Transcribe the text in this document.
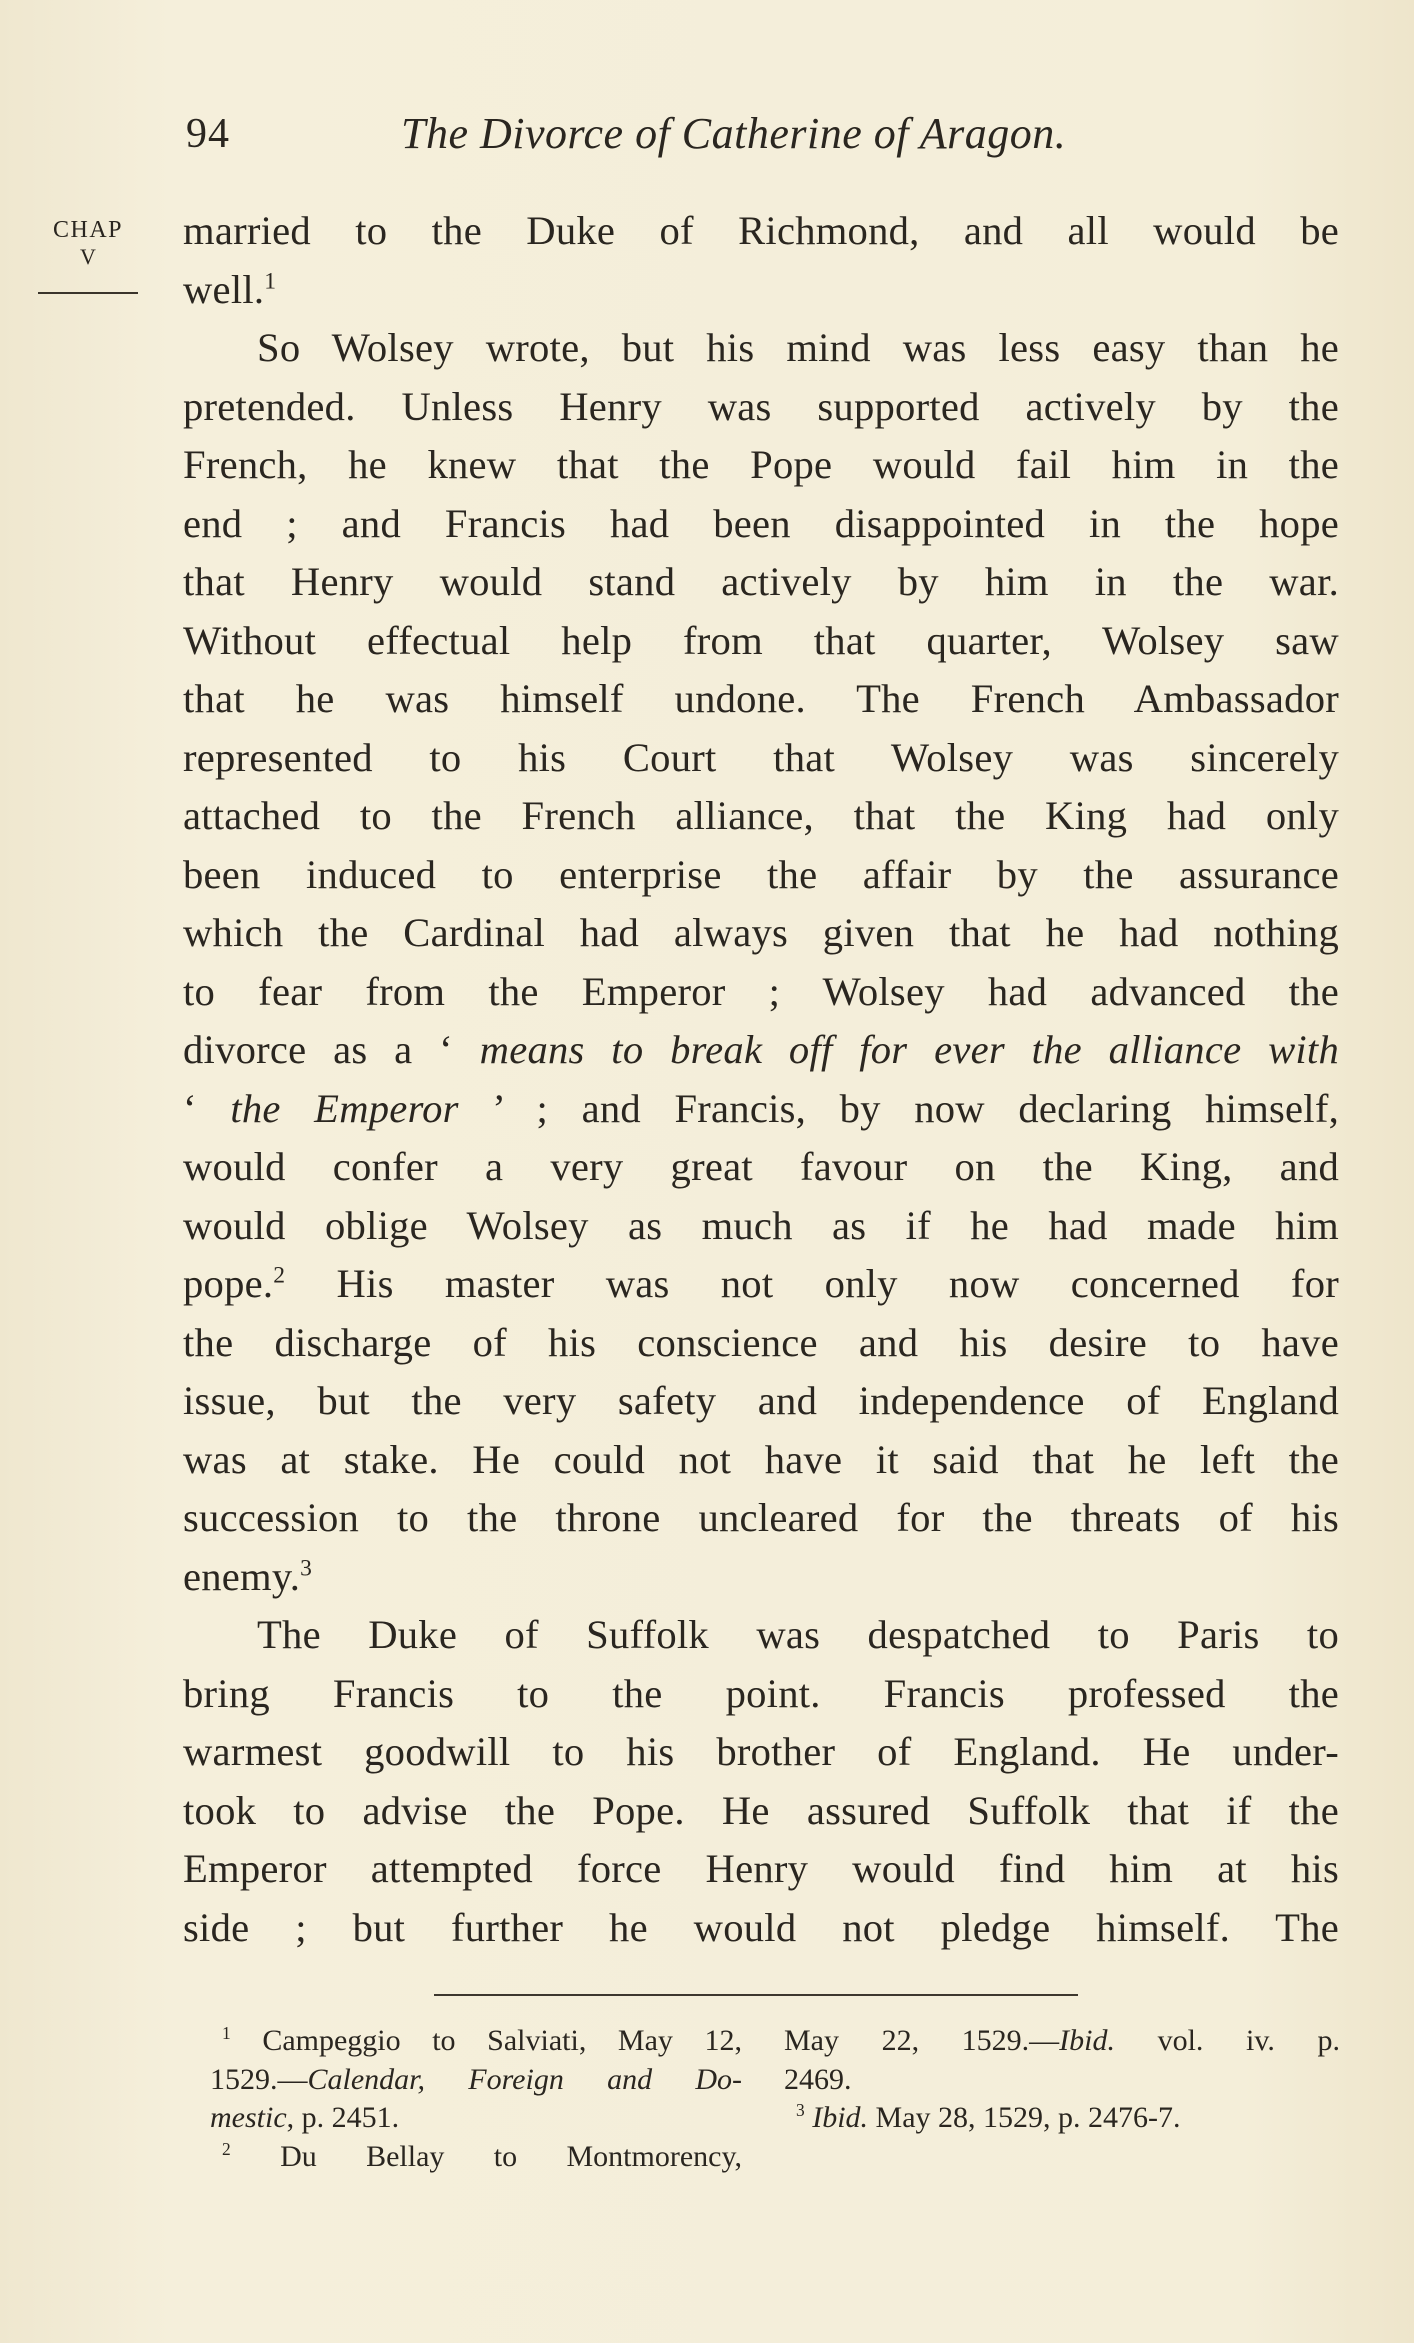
94	The Divorce of Catherine of Aragon.
CHAP
V
married to the Duke of Richmond, and all would be
well.$^1$
So Wolsey wrote, but his mind was less easy than he
pretended. Unless Henry was supported actively by the
French, he knew that the Pope would fail him in the
end ; and Francis had been disappointed in the hope
that Henry would stand actively by him in the war.
Without effectual help from that quarter, Wolsey saw
that he was himself undone. The French Ambassador
represented to his Court that Wolsey was sincerely
attached to the French alliance, that the King had only
been induced to enterprise the affair by the assurance
which the Cardinal had always given that he had nothing
to fear from the Emperor ; Wolsey had advanced the
divorce as a ‘ means to break off for ever the alliance with
‘ the Emperor ’ ; and Francis, by now declaring himself,
would confer a very great favour on the King, and
would oblige Wolsey as much as if he had made him
pope.$^2$ His master was not only now concerned for
the discharge of his conscience and his desire to have
issue, but the very safety and independence of England
was at stake. He could not have it said that he left the
succession to the throne uncleared for the threats of his
enemy.$^3$
The Duke of Suffolk was despatched to Paris to
bring Francis to the point. Francis professed the
warmest goodwill to his brother of England. He under-
took to advise the Pope. He assured Suffolk that if the
Emperor attempted force Henry would find him at his
side ; but further he would not pledge himself. The
$^1$ Campeggio to Salviati, May 12,
1529.—Calendar, Foreign and Do-
mestic, p. 2451.
$^2$ Du Bellay to Montmorency,
May 22, 1529.—Ibid. vol. iv. p.
2469.
$^3$ Ibid. May 28, 1529, p. 2476-7.
